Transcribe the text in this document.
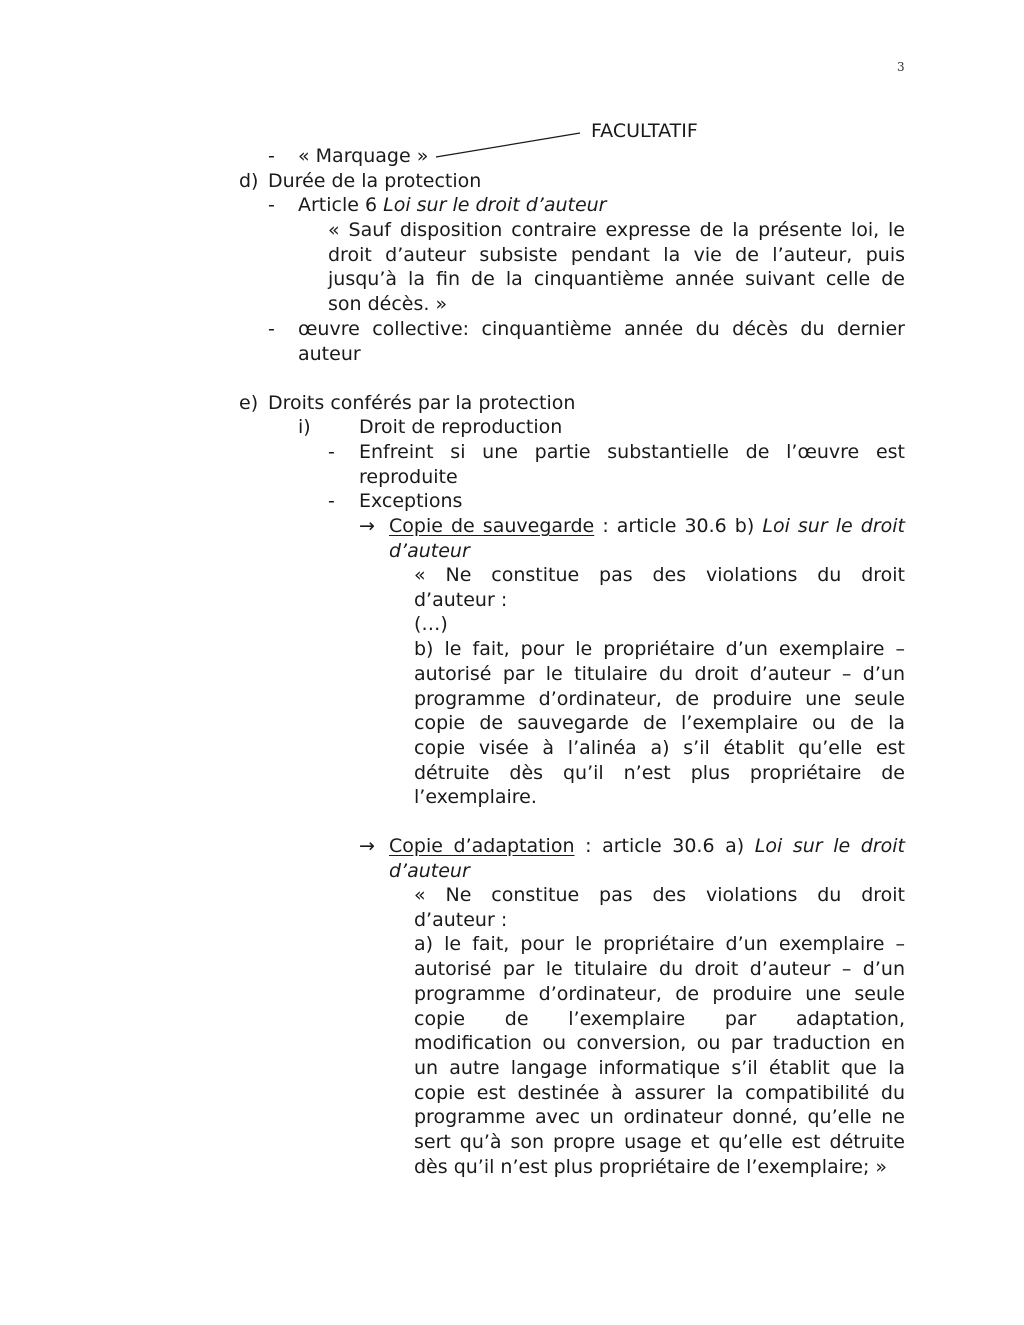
3
FACULTATIF
- « Marquage »
d) Durée de la protection
- Article 6 Loi sur le droit d’auteur
« Sauf disposition contraire expresse de la présente loi, le
droit d’auteur subsiste pendant la vie de l’auteur, puis
jusqu’à la fin de la cinquantième année suivant celle de
son décès. »
- œuvre collective: cinquantième année du décès du dernier
auteur
e) Droits conférés par la protection
i)	Droit de reproduction
- Enfreint si une partie substantielle de l’œuvre est
reproduite
- Exceptions
→ Copie de sauvegarde : article 30.6 b) Loi sur le droit
d’auteur
« Ne constitue pas des violations du droit
d’auteur :
(…)
b) le fait, pour le propriétaire d’un exemplaire –
autorisé par le titulaire du droit d’auteur – d’un
programme d’ordinateur, de produire une seule
copie de sauvegarde de l’exemplaire ou de la
copie visée à l’alinéa a) s’il établit qu’elle est
détruite dès qu’il n’est plus propriétaire de
l’exemplaire.
→ Copie d’adaptation : article 30.6 a) Loi sur le droit
d’auteur
« Ne constitue pas des violations du droit
d’auteur :
a) le fait, pour le propriétaire d’un exemplaire –
autorisé par le titulaire du droit d’auteur – d’un
programme d’ordinateur, de produire une seule
copie de l’exemplaire par adaptation,
modification ou conversion, ou par traduction en
un autre langage informatique s’il établit que la
copie est destinée à assurer la compatibilité du
programme avec un ordinateur donné, qu’elle ne
sert qu’à son propre usage et qu’elle est détruite
dès qu’il n’est plus propriétaire de l’exemplaire; »
